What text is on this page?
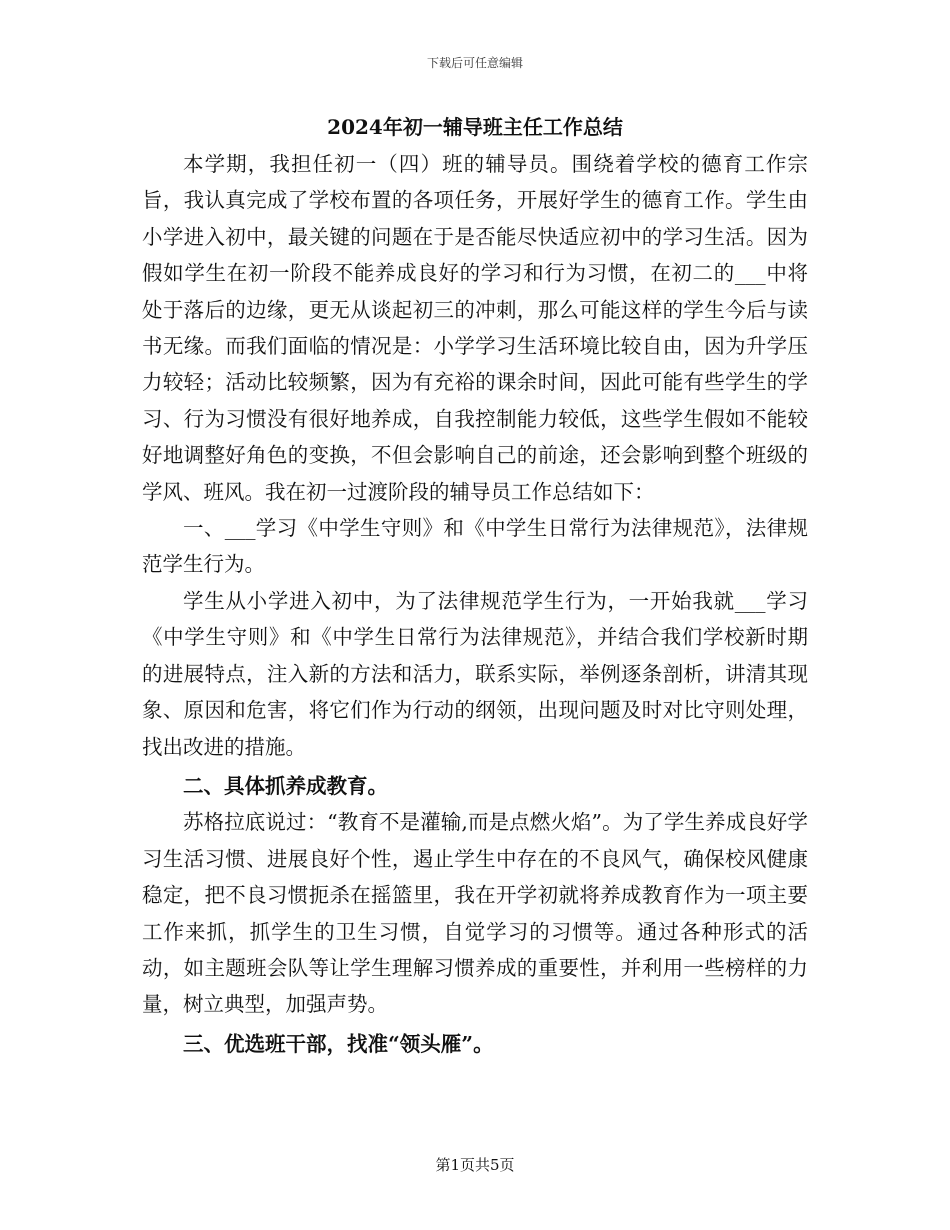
下载后可任意编辑
2024年初一辅导班主任工作总结

本学期，我担任初一（四）班的辅导员。围绕着学校的德育工作宗旨，我认真完成了学校布置的各项任务，开展好学生的德育工作。学生由小学进入初中，最关键的问题在于是否能尽快适应初中的学习生活。因为假如学生在初一阶段不能养成良好的学习和行为习惯，在初二的___中将处于落后的边缘，更无从谈起初三的冲刺，那么可能这样的学生今后与读书无缘。而我们面临的情况是：小学学习生活环境比较自由，因为升学压力较轻；活动比较频繁，因为有充裕的课余时间，因此可能有些学生的学习、行为习惯没有很好地养成，自我控制能力较低，这些学生假如不能较好地调整好角色的变换，不但会影响自己的前途，还会影响到整个班级的学风、班风。我在初一过渡阶段的辅导员工作总结如下：

一、___学习《中学生守则》和《中学生日常行为法律规范》，法律规范学生行为。

学生从小学进入初中，为了法律规范学生行为，一开始我就___学习《中学生守则》和《中学生日常行为法律规范》，并结合我们学校新时期的进展特点，注入新的方法和活力，联系实际，举例逐条剖析，讲清其现象、原因和危害，将它们作为行动的纲领，出现问题及时对比守则处理，找出改进的措施。

二、具体抓养成教育。

苏格拉底说过：“教育不是灌输,而是点燃火焰”。为了学生养成良好学习生活习惯、进展良好个性，遏止学生中存在的不良风气，确保校风健康稳定，把不良习惯扼杀在摇篮里，我在开学初就将养成教育作为一项主要工作来抓，抓学生的卫生习惯，自觉学习的习惯等。通过各种形式的活动，如主题班会队等让学生理解习惯养成的重要性，并利用一些榜样的力量，树立典型，加强声势。

三、优选班干部，找准“领头雁”。

第1页共5页
